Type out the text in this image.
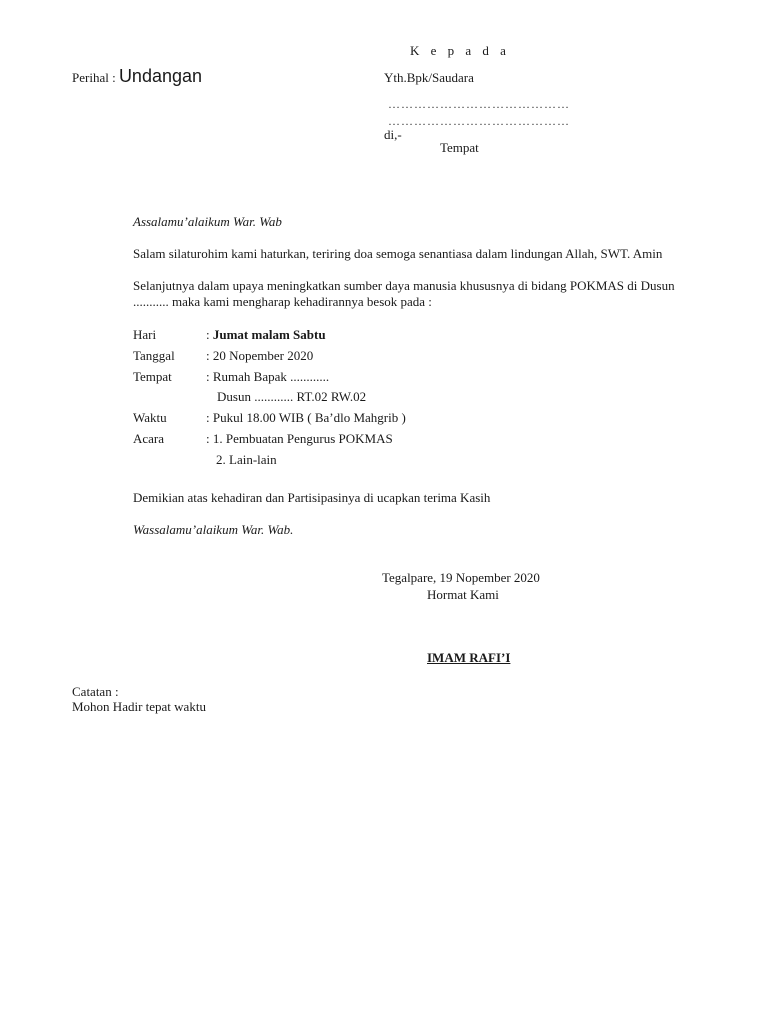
K e p a d a
Perihal : Undangan	Yth.Bpk/Saudara
……………………………………
……………………………………
di,-
Tempat
Assalamu’alaikum War. Wab
Salam silaturohim kami haturkan, teriring doa semoga senantiasa dalam lindungan Allah, SWT. Amin
Selanjutnya dalam upaya meningkatkan sumber daya manusia khususnya di bidang POKMAS di Dusun ........... maka kami mengharap kehadirannya besok pada :
Hari	: Jumat malam Sabtu
Tanggal : 20 Nopember 2020
Tempat	: Rumah Bapak ............
Dusun ............ RT.02 RW.02
Waktu	: Pukul 18.00 WIB ( Ba’dlo Mahgrib )
Acara	: 1. Pembuatan Pengurus POKMAS
2. Lain-lain
Demikian atas kehadiran dan Partisipasinya di ucapkan terima Kasih
Wassalamu’alaikum War. Wab.
Tegalpare, 19 Nopember 2020
Hormat Kami
IMAM RAFI’I
Catatan :
Mohon Hadir tepat waktu
